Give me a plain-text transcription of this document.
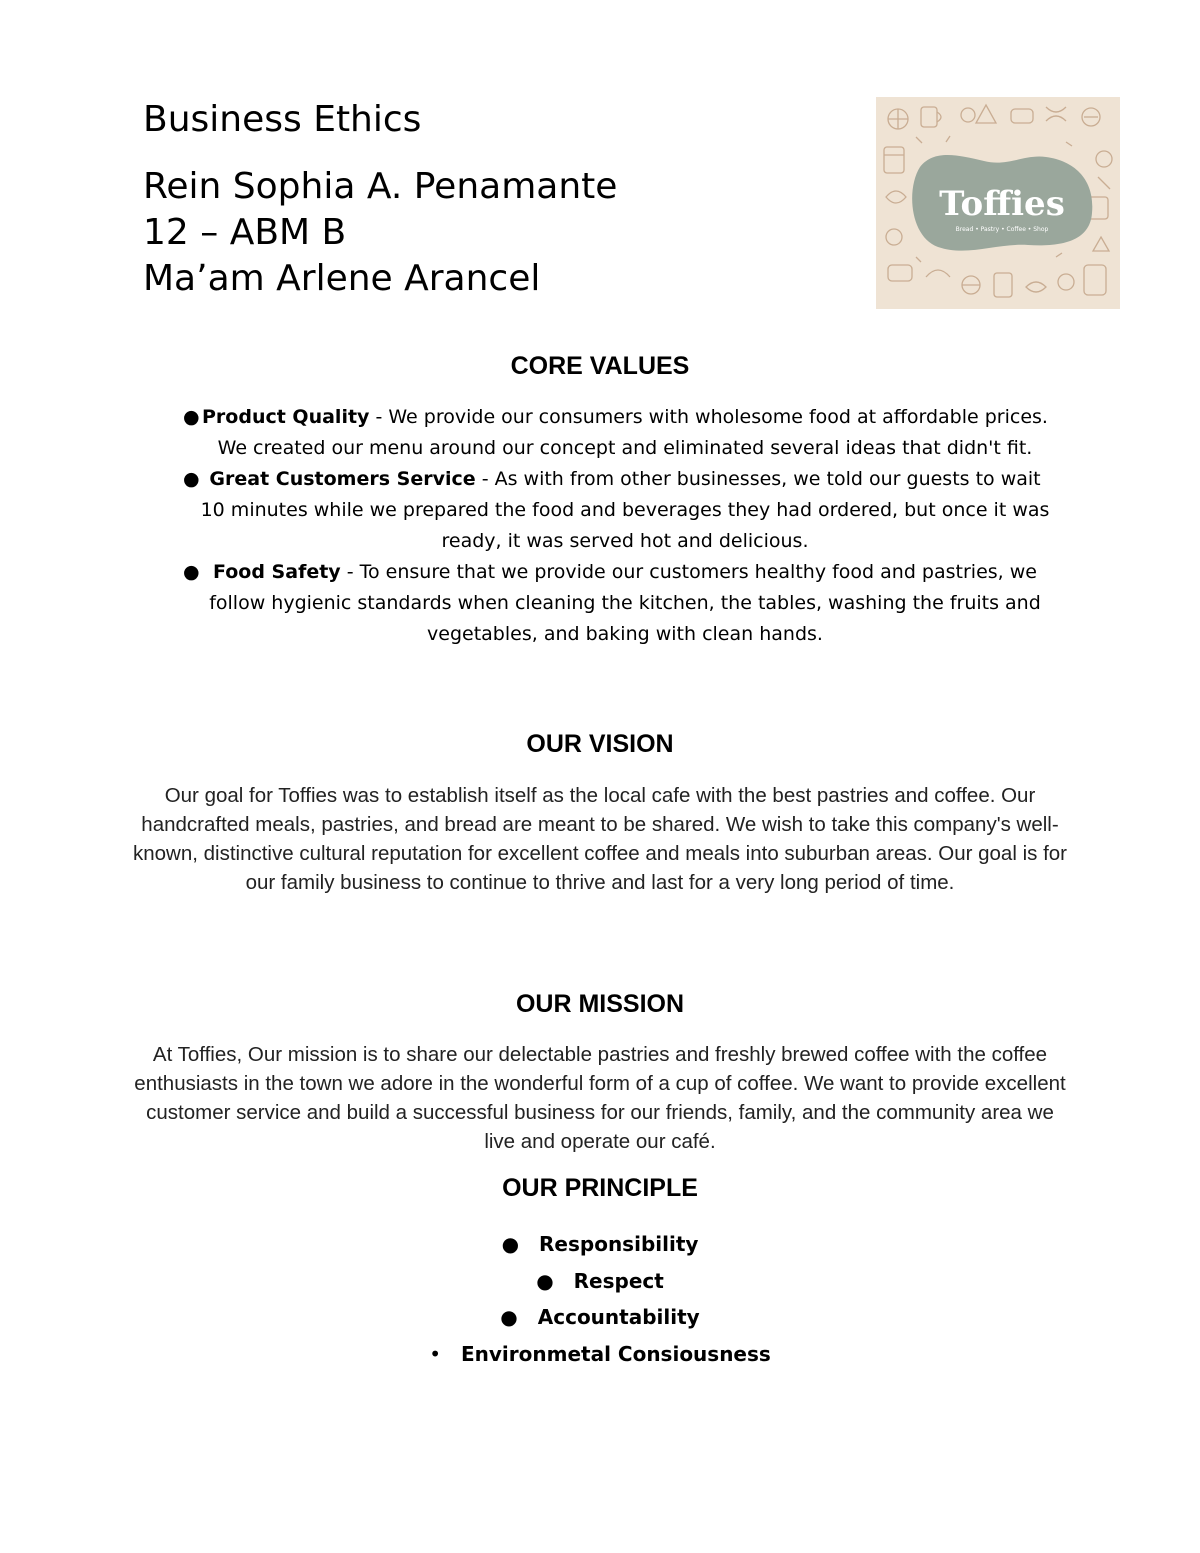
Business Ethics

Rein Sophia A. Penamante

12 – ABM B

Ma’am Arlene Arancel

Toffies
Bread • Pastry • Coffee • Shop
CORE VALUES
● Product Quality - We provide our consumers with wholesome food at affordable prices. We created our menu around our concept and eliminated several ideas that didn't fit.
● Great Customers Service - As with from other businesses, we told our guests to wait 10 minutes while we prepared the food and beverages they had ordered, but once it was ready, it was served hot and delicious.
● Food Safety - To ensure that we provide our customers healthy food and pastries, we follow hygienic standards when cleaning the kitchen, the tables, washing the fruits and vegetables, and baking with clean hands.
OUR VISION

Our goal for Toffies was to establish itself as the local cafe with the best pastries and coffee. Our handcrafted meals, pastries, and bread are meant to be shared. We wish to take this company's well-known, distinctive cultural reputation for excellent coffee and meals into suburban areas. Our goal is for our family business to continue to thrive and last for a very long period of time.

OUR MISSION

At Toffies, Our mission is to share our delectable pastries and freshly brewed coffee with the coffee enthusiasts in the town we adore in the wonderful form of a cup of coffee. We want to provide excellent customer service and build a successful business for our friends, family, and the community area we live and operate our café.

OUR PRINCIPLE
● Responsibility
● Respect
● Accountability
• Environmetal Consiousness
